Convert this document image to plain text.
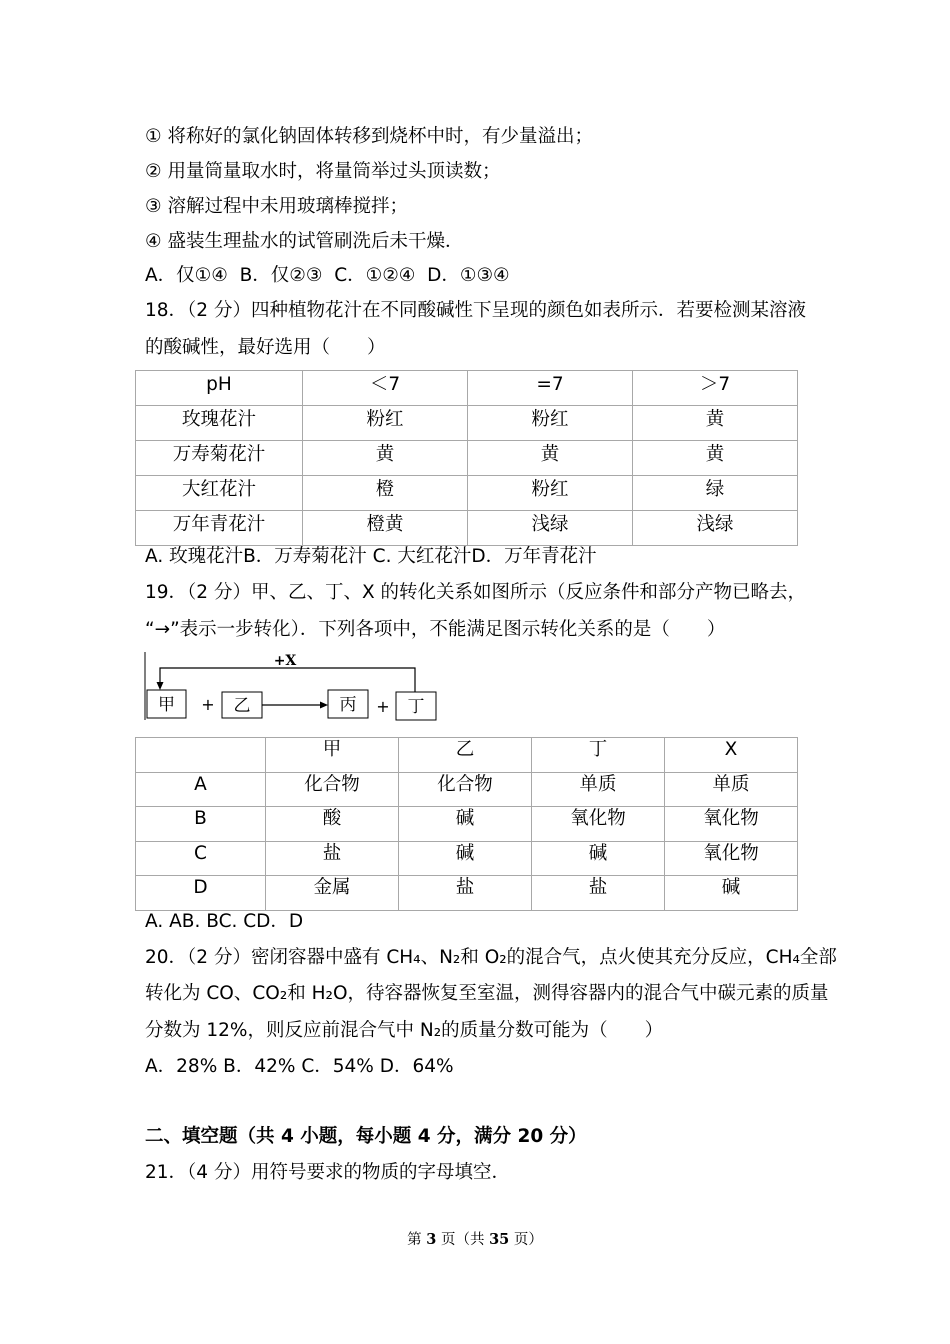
① 将称好的氯化钠固体转移到烧杯中时，有少量溢出；
② 用量筒量取水时，将量筒举过头顶读数；
③ 溶解过程中未用玻璃棒搅拌；
④ 盛装生理盐水的试管刷洗后未干燥．
A．仅①④  B．仅②③  C．①②④  D．①③④
18．（2 分）四种植物花汁在不同酸碱性下呈现的颜色如表所示．若要检测某溶液
的酸碱性，最好选用（　　）
pH	＜7	=7	＞7
玫瑰花汁	粉红	粉红	黄
万寿菊花汁	黄	黄	黄
大红花汁	橙	粉红	绿
万年青花汁	橙黄	浅绿	浅绿
A. 玫瑰花汁B．万寿菊花汁 C. 大红花汁D．万年青花汁
19．（2 分）甲、乙、丁、X 的转化关系如图所示（反应条件和部分产物已略去，
“→”表示一步转化）．下列各项中，不能满足图示转化关系的是（　　）
+X
甲 + 乙	丙 + 丁
	甲	乙	丁	X
A	化合物	化合物	单质	单质
B	酸	碱	氧化物	氧化物
C	盐	碱	碱	氧化物
D	金属	盐	盐	碱
A. AB. BC. CD．D
20．（2 分）密闭容器中盛有 CH₄、N₂和 O₂的混合气，点火使其充分反应，CH₄全部
转化为 CO、CO₂和 H₂O，待容器恢复至室温，测得容器内的混合气中碳元素的质量
分数为 12%，则反应前混合气中 N₂的质量分数可能为（　　）
A．28% B．42% C．54% D．64%
二、填空题（共 4 小题，每小题 4 分，满分 20 分）
21．（4 分）用符号要求的物质的字母填空．
第 3 页（共 35 页）
